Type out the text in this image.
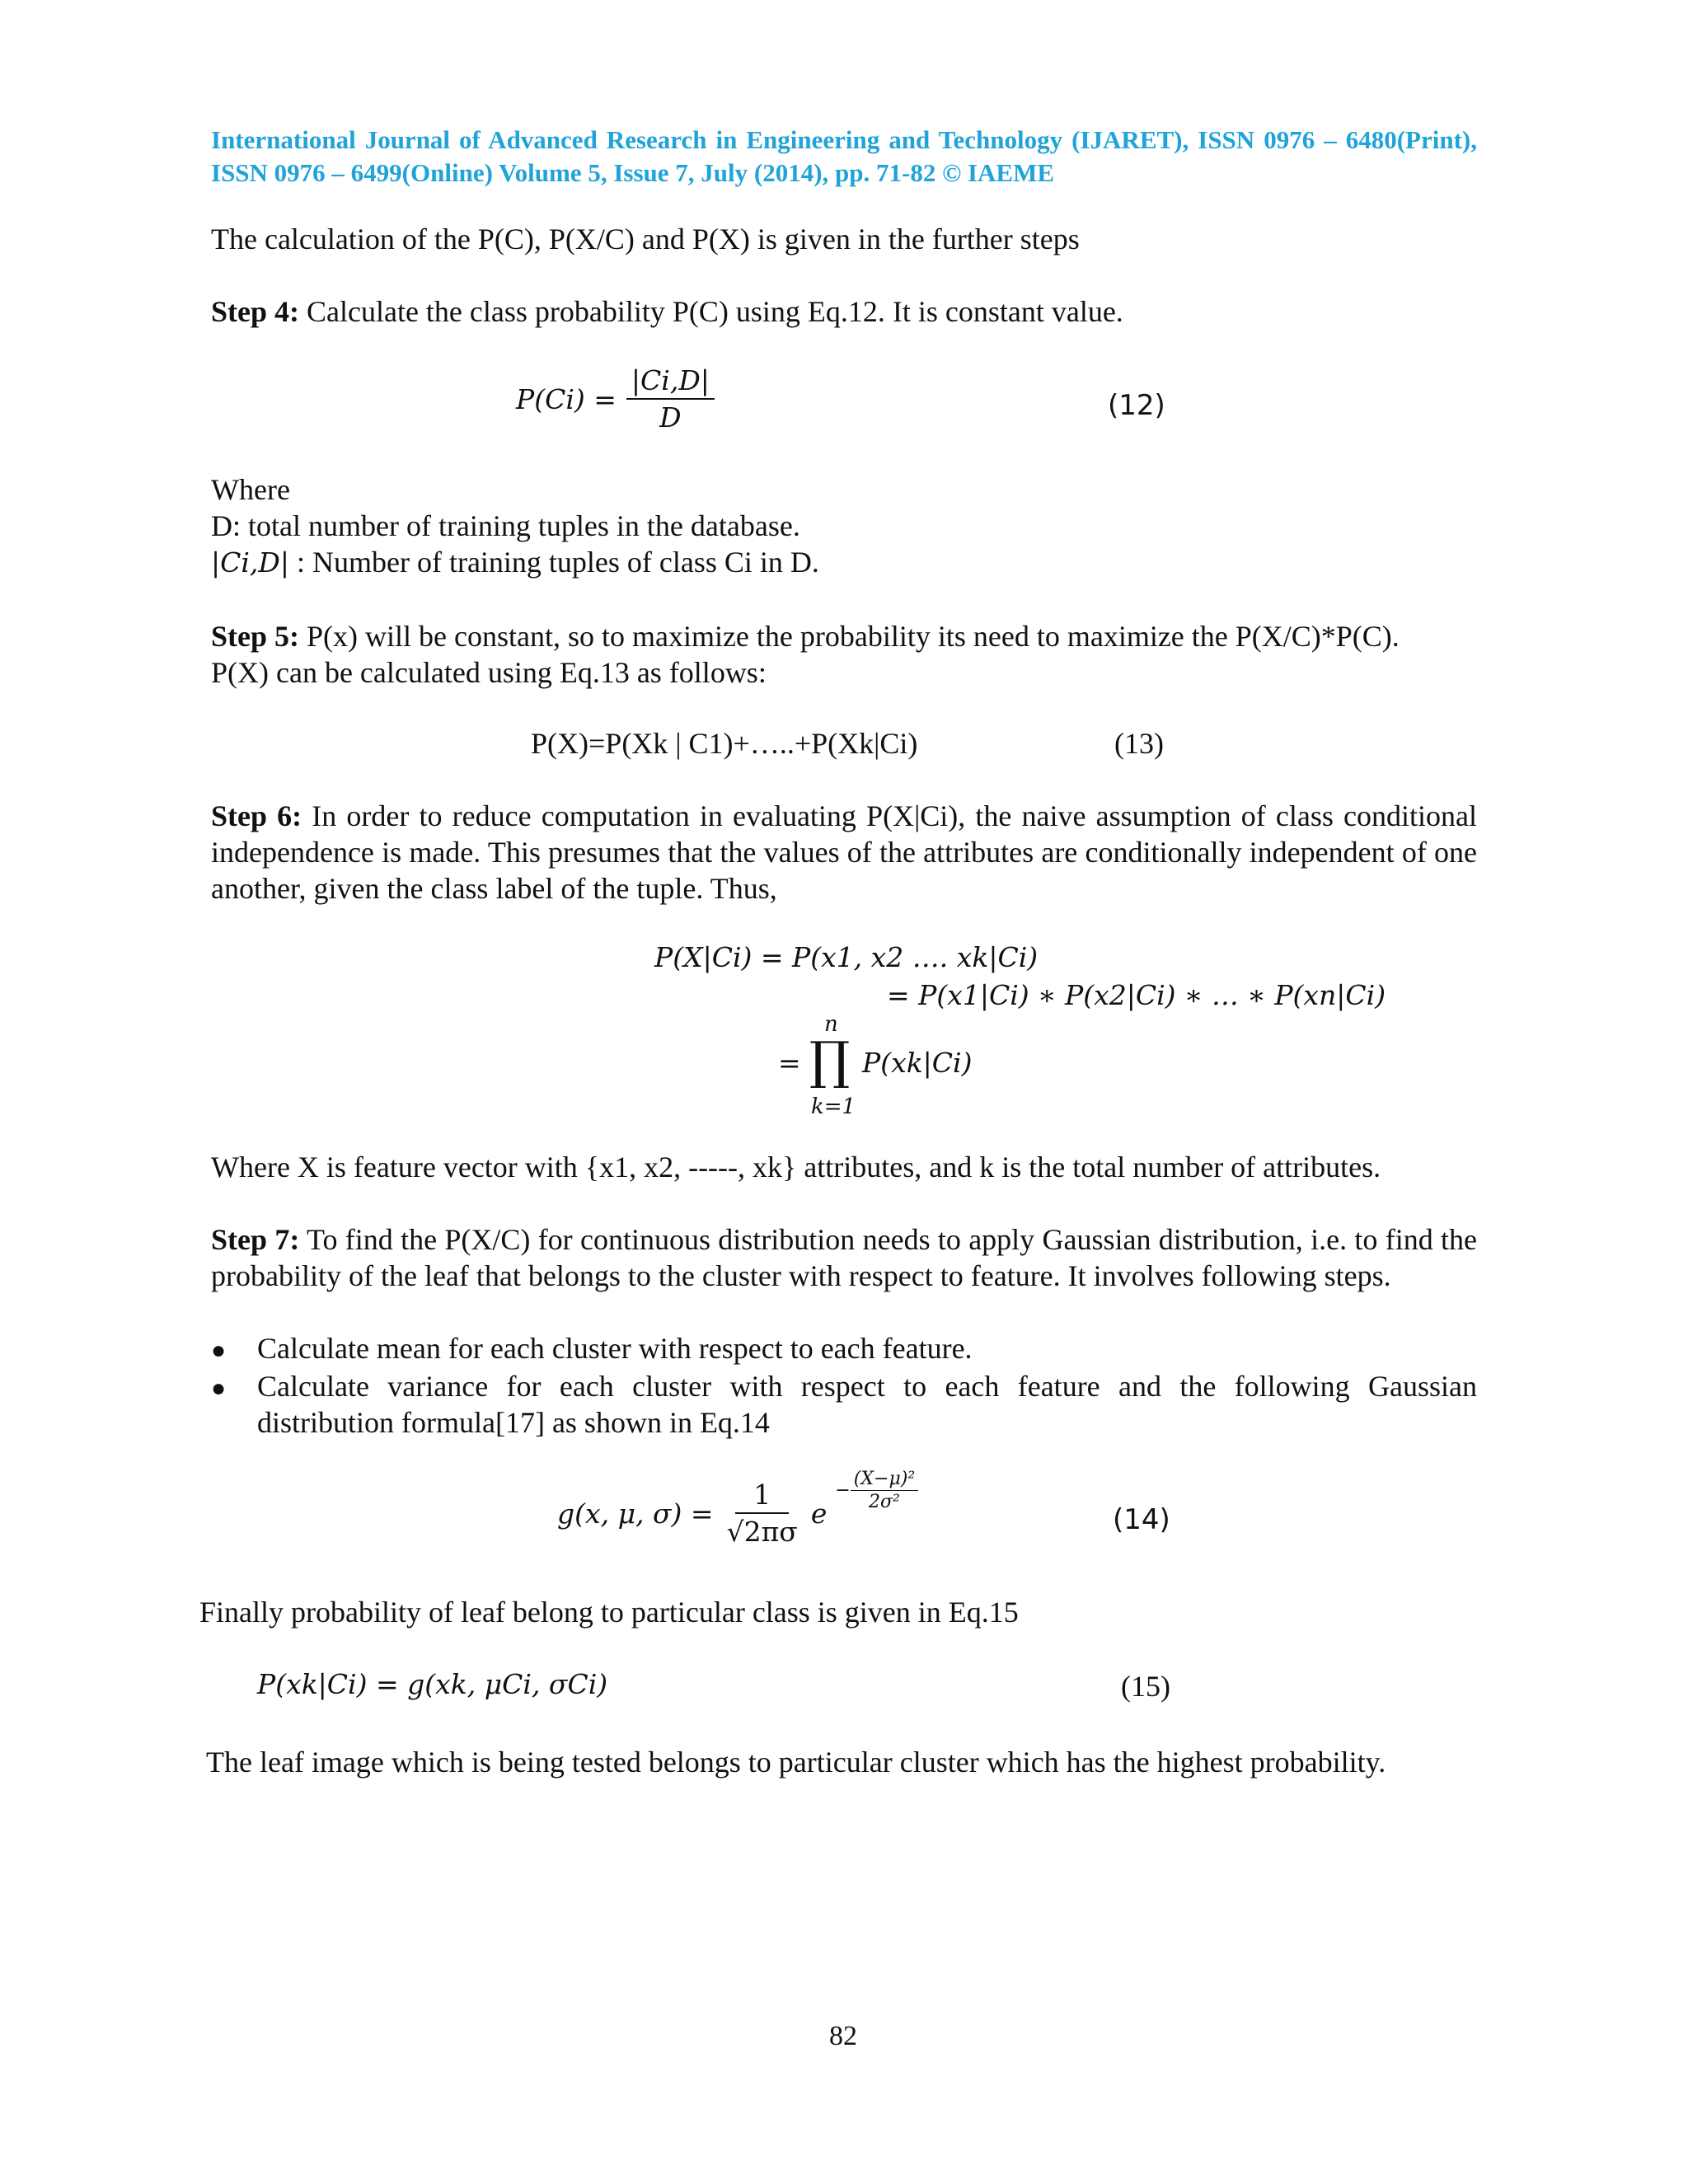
International Journal of Advanced Research in Engineering and Technology (IJARET), ISSN 0976 – 6480(Print), ISSN 0976 – 6499(Online) Volume 5, Issue 7, July (2014), pp. 71-82 © IAEME
The calculation of the P(C), P(X/C) and P(X) is given in the further steps
Step 4: Calculate the class probability P(C) using Eq.12. It is constant value.
$P(Ci) = \frac{|Ci,D|}{D}$	(12)
Where
D: total number of training tuples in the database.
|Ci,D| : Number of training tuples of class Ci in D.
Step 5: P(x) will be constant, so to maximize the probability its need to maximize the P(X/C)*P(C).
P(X) can be calculated using Eq.13 as follows:
P(X)=P(Xk | C1)+…..+P(Xk|Ci)	(13)
Step 6: In order to reduce computation in evaluating P(X|Ci), the naive assumption of class conditional independence is made. This presumes that the values of the attributes are conditionally independent of one another, given the class label of the tuple. Thus,
P(X|Ci) = P(x1, x2 …. xk|Ci)
= P(x1|Ci) ∗ P(x2|Ci) ∗ … ∗ P(xn|Ci)
n
= ∏ P(xk|Ci)
k=1
Where X is feature vector with {x1, x2, -----, xk} attributes, and k is the total number of attributes.
Step 7: To find the P(X/C) for continuous distribution needs to apply Gaussian distribution, i.e. to find the probability of the leaf that belongs to the cluster with respect to feature. It involves following steps.
● Calculate mean for each cluster with respect to each feature.
● Calculate variance for each cluster with respect to each feature and the following Gaussian distribution formula[17] as shown in Eq.14
g(x, μ, $\sigma) = \frac{1}{√2\pi\sigma}$ e
− $\frac{\text{(X−μ)²}}{\text{2σ²}}$
(14)
Finally probability of leaf belong to particular class is given in Eq.15
P(xk|Ci) = g(xk, μCi, σCi)	(15)
The leaf image which is being tested belongs to particular cluster which has the highest probability.
82
